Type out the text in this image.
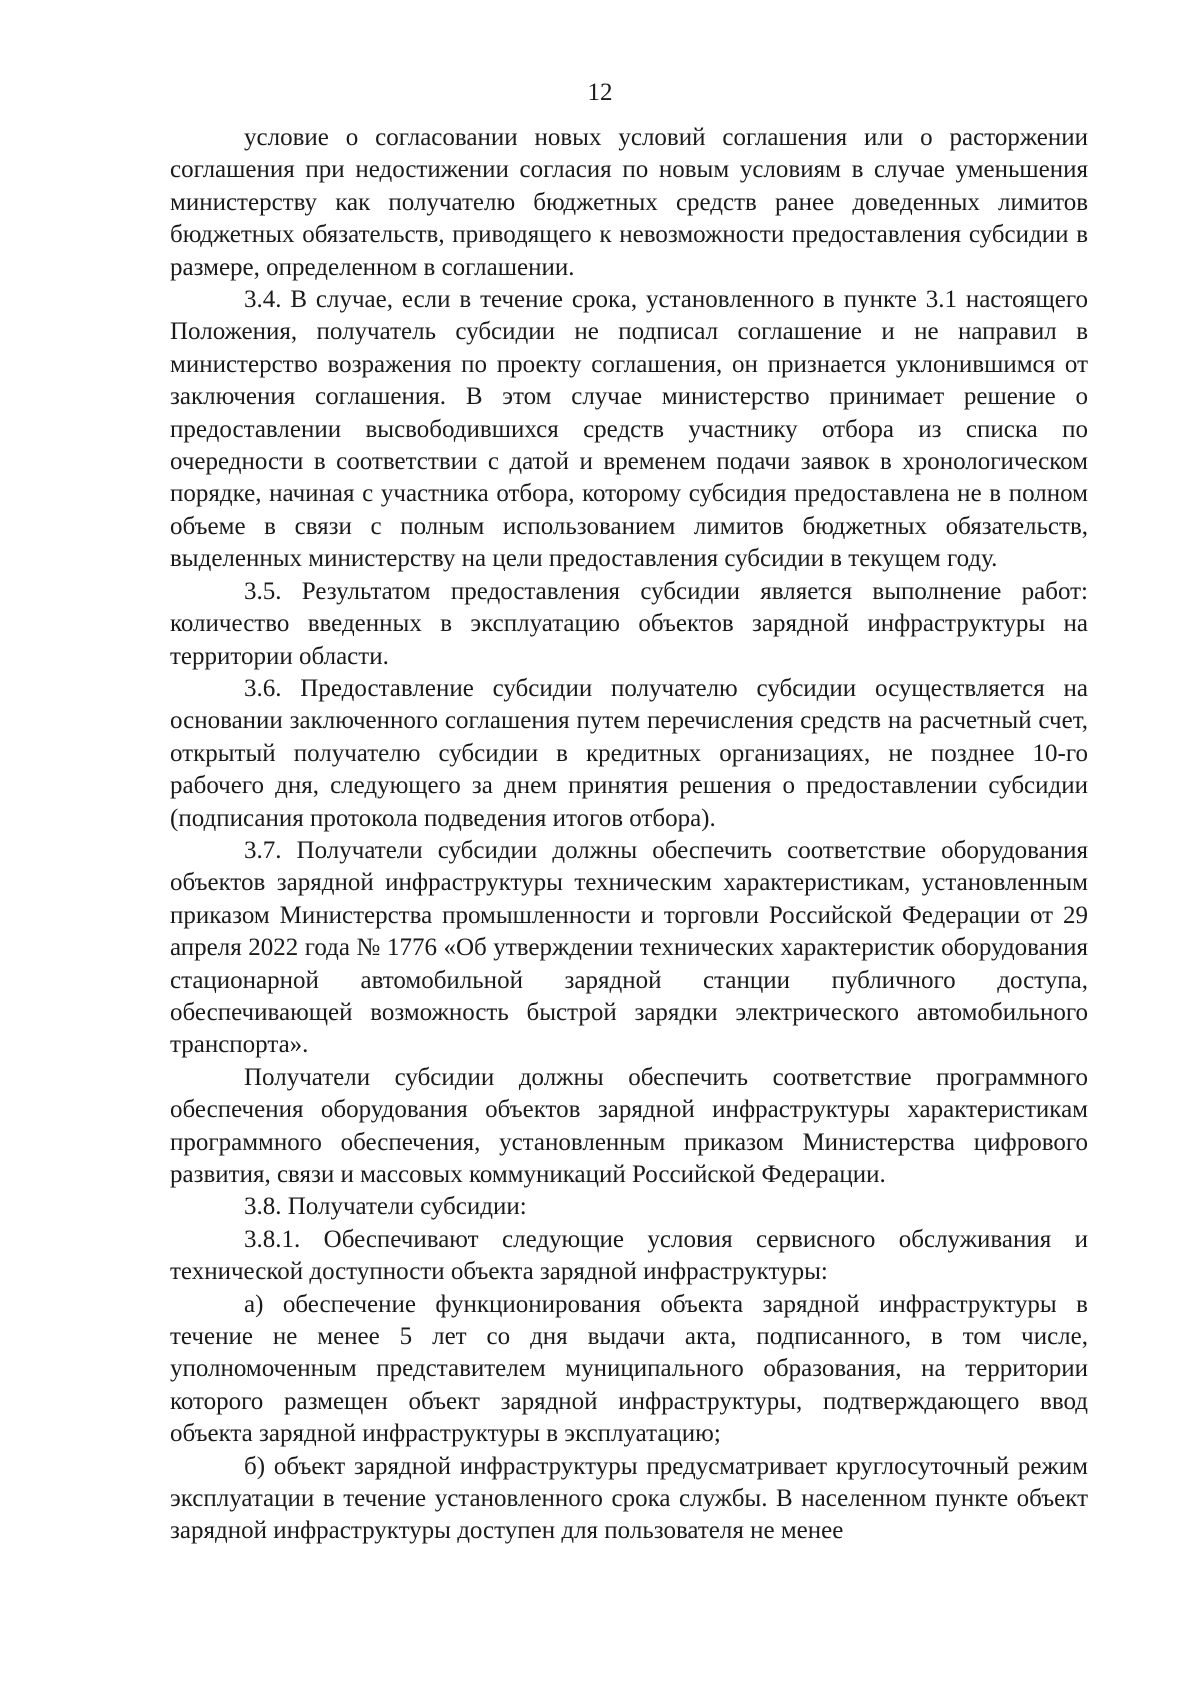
12

условие о согласовании новых условий соглашения или о расторжении соглашения при недостижении согласия по новым условиям в случае уменьшения министерству как получателю бюджетных средств ранее доведенных лимитов бюджетных обязательств, приводящего к невозможности предоставления субсидии в размере, определенном в соглашении.

3.4. В случае, если в течение срока, установленного в пункте 3.1 настоящего Положения, получатель субсидии не подписал соглашение и не направил в министерство возражения по проекту соглашения, он признается уклонившимся от заключения соглашения. В этом случае министерство принимает решение о предоставлении высвободившихся средств участнику отбора из списка по очередности в соответствии с датой и временем подачи заявок в хронологическом порядке, начиная с участника отбора, которому субсидия предоставлена не в полном объеме в связи с полным использованием лимитов бюджетных обязательств, выделенных министерству на цели предоставления субсидии в текущем году.

3.5. Результатом предоставления субсидии является выполнение работ: количество введенных в эксплуатацию объектов зарядной инфраструктуры на территории области.

3.6. Предоставление субсидии получателю субсидии осуществляется на основании заключенного соглашения путем перечисления средств на расчетный счет, открытый получателю субсидии в кредитных организациях, не позднее 10-го рабочего дня, следующего за днем принятия решения о предоставлении субсидии (подписания протокола подведения итогов отбора).

3.7. Получатели субсидии должны обеспечить соответствие оборудования объектов зарядной инфраструктуры техническим характеристикам, установленным приказом Министерства промышленности и торговли Российской Федерации от 29 апреля 2022 года № 1776 «Об утверждении технических характеристик оборудования стационарной автомобильной зарядной станции публичного доступа, обеспечивающей возможность быстрой зарядки электрического автомобильного транспорта».

Получатели субсидии должны обеспечить соответствие программного обеспечения оборудования объектов зарядной инфраструктуры характеристикам программного обеспечения, установленным приказом Министерства цифрового развития, связи и массовых коммуникаций Российской Федерации.

3.8. Получатели субсидии:

3.8.1. Обеспечивают следующие условия сервисного обслуживания и технической доступности объекта зарядной инфраструктуры:

а) обеспечение функционирования объекта зарядной инфраструктуры в течение не менее 5 лет со дня выдачи акта, подписанного, в том числе, уполномоченным представителем муниципального образования, на территории которого размещен объект зарядной инфраструктуры, подтверждающего ввод объекта зарядной инфраструктуры в эксплуатацию;

б) объект зарядной инфраструктуры предусматривает круглосуточный режим эксплуатации в течение установленного срока службы. В населенном пункте объект зарядной инфраструктуры доступен для пользователя не менее
